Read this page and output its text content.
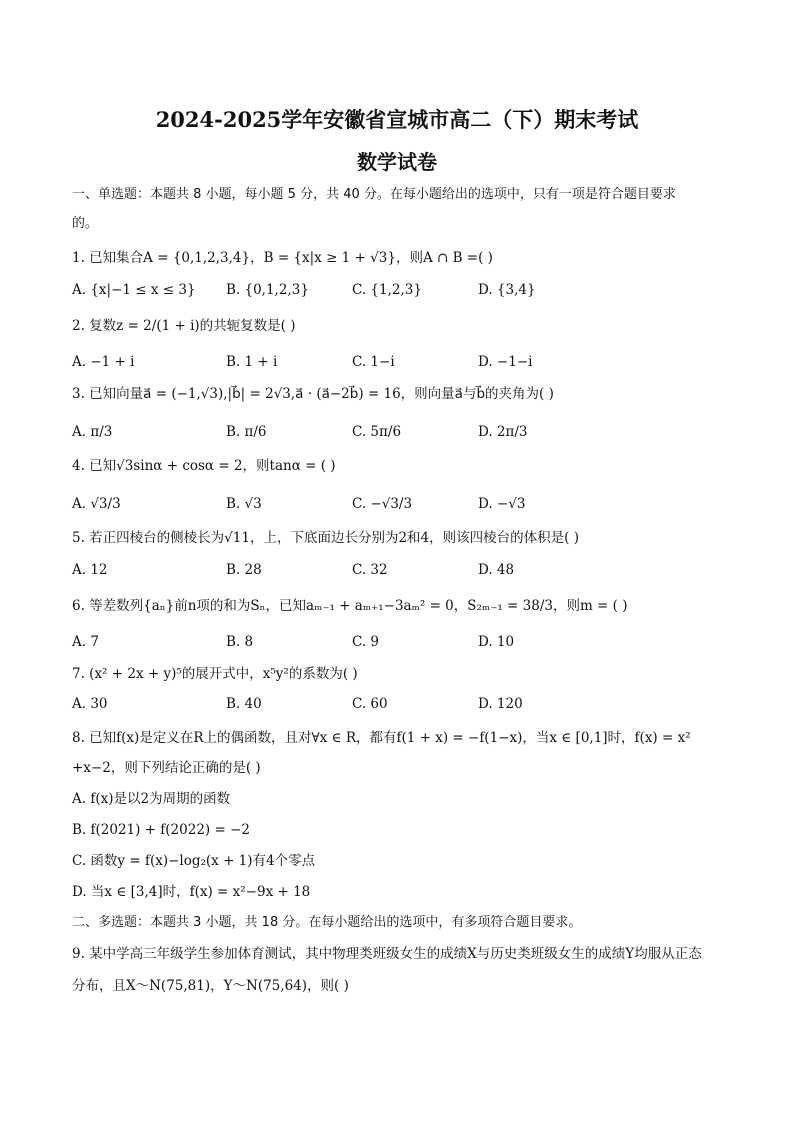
2024-2025学年安徽省宣城市高二（下）期末考试
数学试卷
一、单选题：本题共 8 小题，每小题 5 分，共 40 分。在每小题给出的选项中，只有一项是符合题目要求
的。
1. 已知集合A = {0,1,2,3,4}，B = {x|x ≥ 1 + √3}，则A ∩ B =( )
A. {x|−1 ≤ x ≤ 3} B. {0,1,2,3}	C. {1,2,3}	D. {3,4}
2. 复数z = 2/(1 + i)的共轭复数是( )
A. −1 + i	B. 1 + i	C. 1−i	D. −1−i
3. 已知向量a⃗ = (−1,√3),|b⃗| = 2√3,a⃗ · (a⃗−2b⃗) = 16，则向量a⃗与b⃗的夹角为( )
A. π/3	B. π/6	C. 5π/6	D. 2π/3
4. 已知√3sinα + cosα = 2，则tanα = ( )
A. √3/3	B. √3	C. −√3/3	D. −√3
5. 若正四棱台的侧棱长为√11，上，下底面边长分别为2和4，则该四棱台的体积是( )
A. 12	B. 28	C. 32	D. 48
6. 等差数列{aₙ}前n项的和为Sₙ，已知aₘ₋₁ + aₘ₊₁−3aₘ² = 0，S₂ₘ₋₁ = 38/3，则m = ( )
A. 7	B. 8	C. 9	D. 10
7. (x² + 2x + y)⁵的展开式中，x⁵y²的系数为( )
A. 30	B. 40	C. 60	D. 120
8. 已知f(x)是定义在R上的偶函数，且对∀x ∈ R，都有f(1 + x) = −f(1−x)，当x ∈ [0,1]时，f(x) = x²
+x−2，则下列结论正确的是( )
A. f(x)是以2为周期的函数
B. f(2021) + f(2022) = −2
C. 函数y = f(x)−log₂(x + 1)有4个零点
D. 当x ∈ [3,4]时，f(x) = x²−9x + 18
二、多选题：本题共 3 小题，共 18 分。在每小题给出的选项中，有多项符合题目要求。
9. 某中学高三年级学生参加体育测试，其中物理类班级女生的成绩X与历史类班级女生的成绩Y均服从正态
分布，且X～N(75,81)，Y～N(75,64)，则( )
